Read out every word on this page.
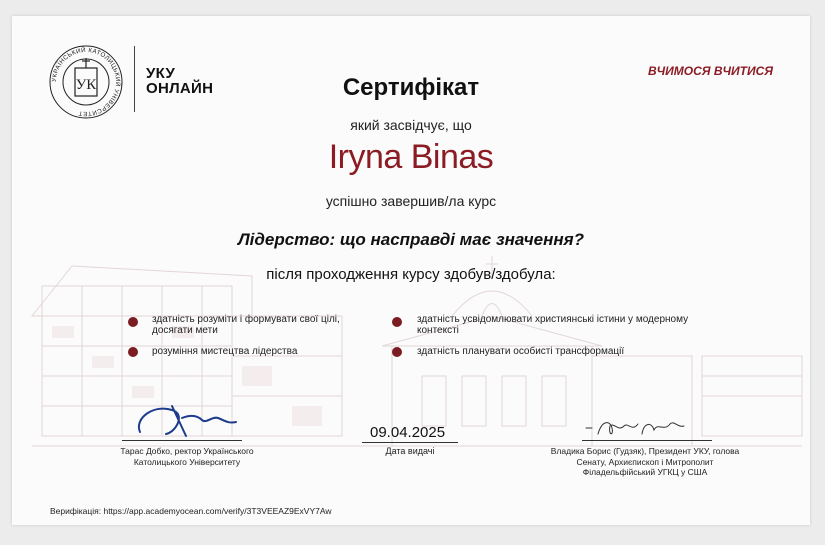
УКРАЇНСЬКИЙ КАТОЛИЦЬКИЙ УНІВЕРСИТЕТ
УК
УКУ
ОНЛАЙН
ВЧИМОСЯ ВЧИТИСЯ
Сертифікат
який засвідчує, що
Iryna Binas
успішно завершив/ла курс
Лідерство: що насправді має значення?
після проходження курсу здобув/здобула:
здатність розуміти і формувати свої цілі, досягати мети
розуміння мистецтва лідерства
здатність усвідомлювати християнські істини у модерному контексті
здатність планувати особисті трансформації
Тарас Добко, ректор Українського Католицького Університету
09.04.2025
Дата видачі	Владика Борис (Гудзяк), Президент УКУ, голова Сенату, Архиєпископ і Митрополит Філадельфійський УГКЦ у США
Верифікація: https://app.academyocean.com/verify/3T3VEEAZ9ExVY7Aw
